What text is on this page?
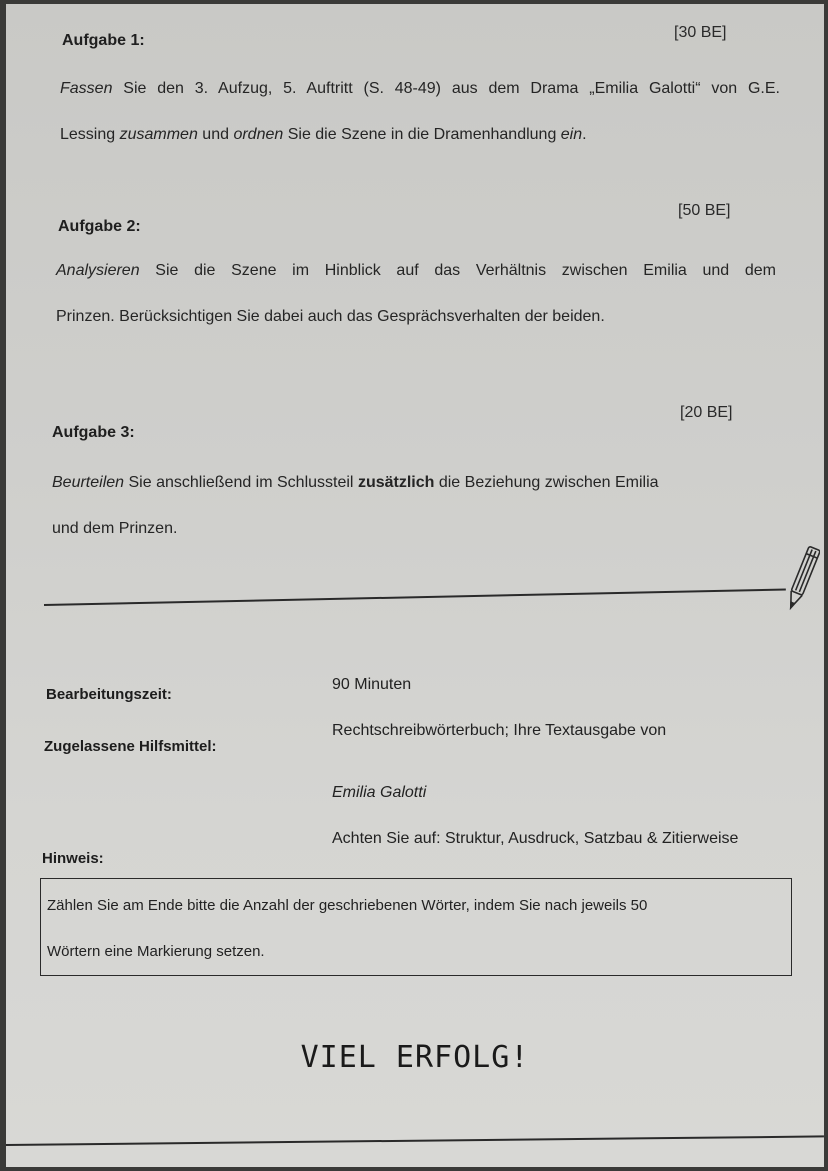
Aufgabe 1:	[30 BE]
Fassen Sie den 3. Aufzug, 5. Auftritt (S. 48-49) aus dem Drama „Emilia Galotti“ von G.E.
Lessing zusammen und ordnen Sie die Szene in die Dramenhandlung ein.
Aufgabe 2:
[50 BE]
Analysieren Sie die Szene im Hinblick auf das Verhältnis zwischen Emilia und dem
Prinzen. Berücksichtigen Sie dabei auch das Gesprächsverhalten der beiden.
Aufgabe 3:
[20 BE]
Beurteilen Sie anschließend im Schlussteil zusätzlich die Beziehung zwischen Emilia
und dem Prinzen.
Bearbeitungszeit:
90 Minuten
Zugelassene Hilfsmittel:
Rechtschreibwörterbuch; Ihre Textausgabe von
Emilia Galotti
Hinweis:
Achten Sie auf: Struktur, Ausdruck, Satzbau & Zitierweise
Zählen Sie am Ende bitte die Anzahl der geschriebenen Wörter, indem Sie nach jeweils 50
Wörtern eine Markierung setzen.
VIEL ERFOLG!
